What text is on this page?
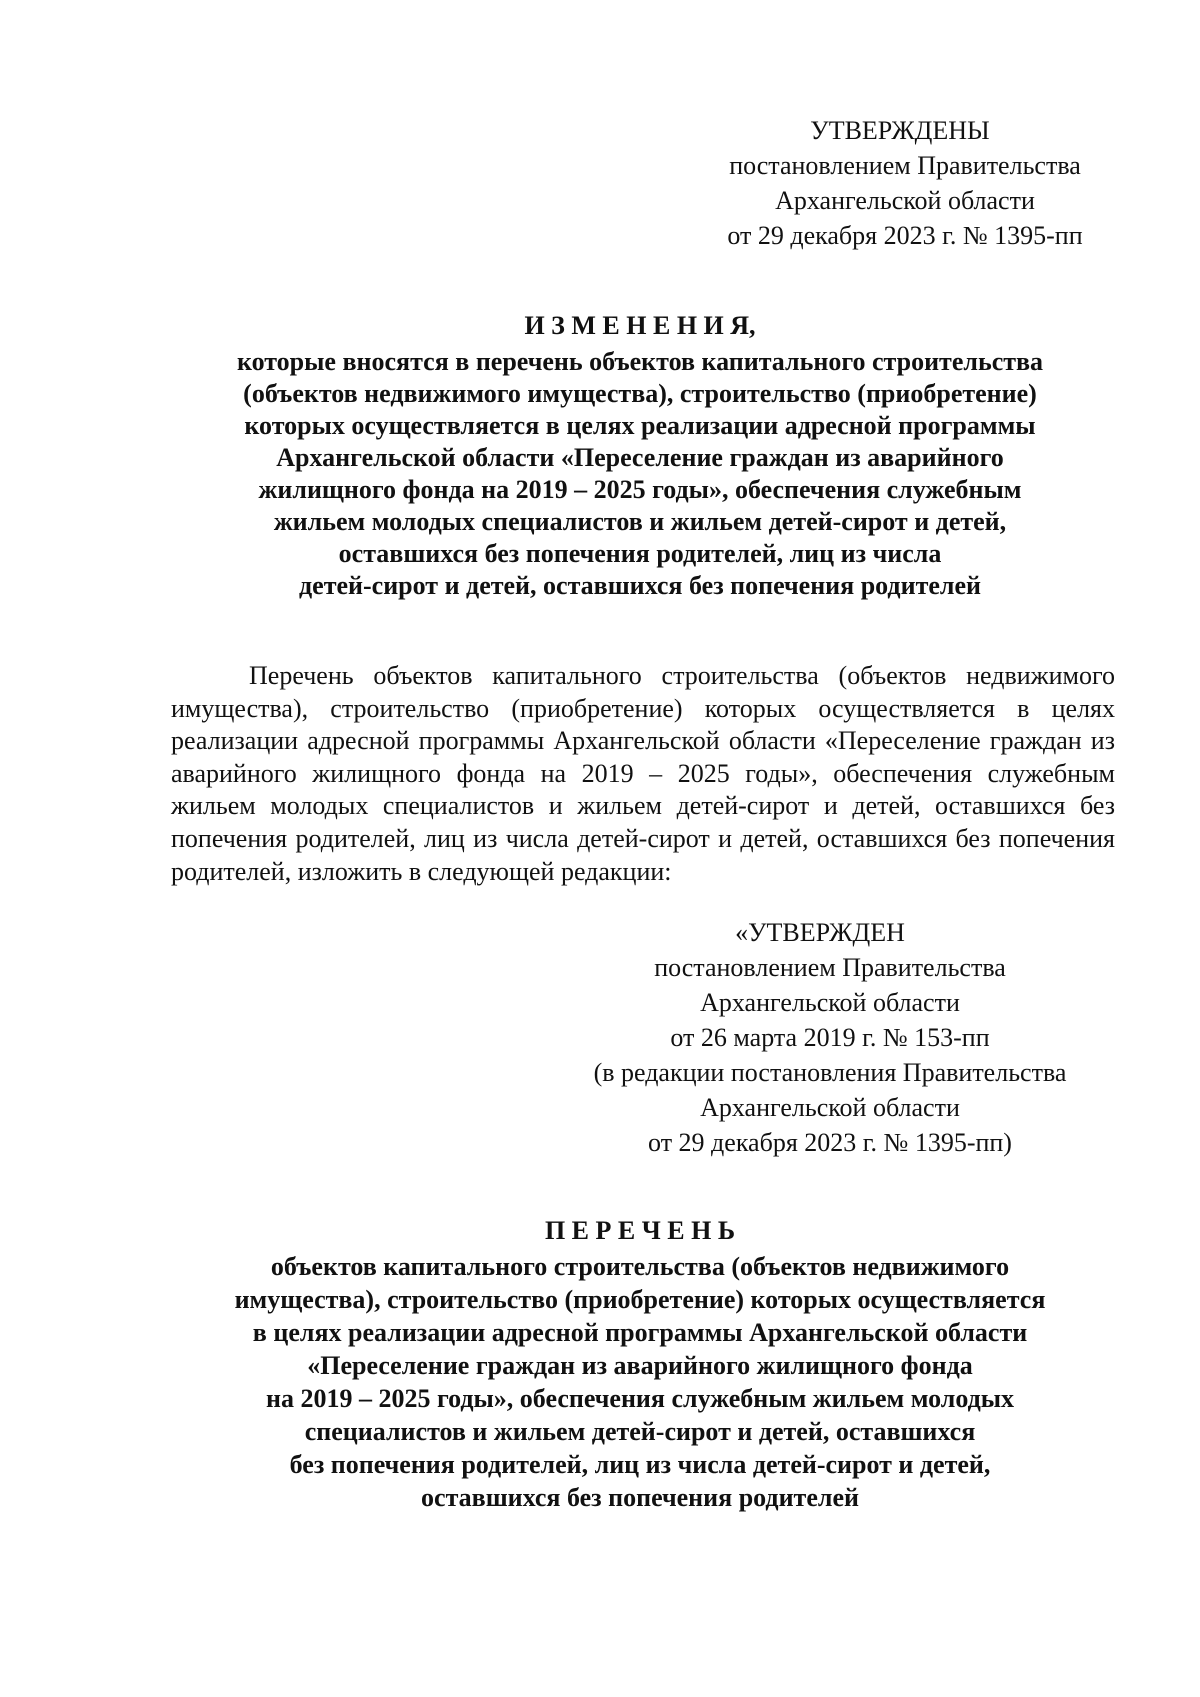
УТВЕРЖДЕНЫ
постановлением Правительства
Архангельской области
от 29 декабря 2023 г. № 1395-пп
И З М Е Н Е Н И Я,
которые вносятся в перечень объектов капитального строительства
(объектов недвижимого имущества), строительство (приобретение)
которых осуществляется в целях реализации адресной программы
Архангельской области «Переселение граждан из аварийного
жилищного фонда на 2019 – 2025 годы», обеспечения служебным
жильем молодых специалистов и жильем детей-сирот и детей,
оставшихся без попечения родителей, лиц из числа
детей-сирот и детей, оставшихся без попечения родителей
Перечень объектов капитального строительства (объектов недвижимого имущества), строительство (приобретение) которых осуществляется в целях реализации адресной программы Архангельской области «Переселение граждан из аварийного жилищного фонда на 2019 – 2025 годы», обеспечения служебным жильем молодых специалистов и жильем детей-сирот и детей, оставшихся без попечения родителей, лиц из числа детей-сирот и детей, оставшихся без попечения родителей, изложить в следующей редакции:
«УТВЕРЖДЕН
постановлением Правительства
Архангельской области
от 26 марта 2019 г. № 153-пп
(в редакции постановления Правительства
Архангельской области
от 29 декабря 2023 г. № 1395-пп)
П Е Р Е Ч Е Н Ь
объектов капитального строительства (объектов недвижимого
имущества), строительство (приобретение) которых осуществляется
в целях реализации адресной программы Архангельской области
«Переселение граждан из аварийного жилищного фонда
на 2019 – 2025 годы», обеспечения служебным жильем молодых
специалистов и жильем детей-сирот и детей, оставшихся
без попечения родителей, лиц из числа детей-сирот и детей,
оставшихся без попечения родителей
